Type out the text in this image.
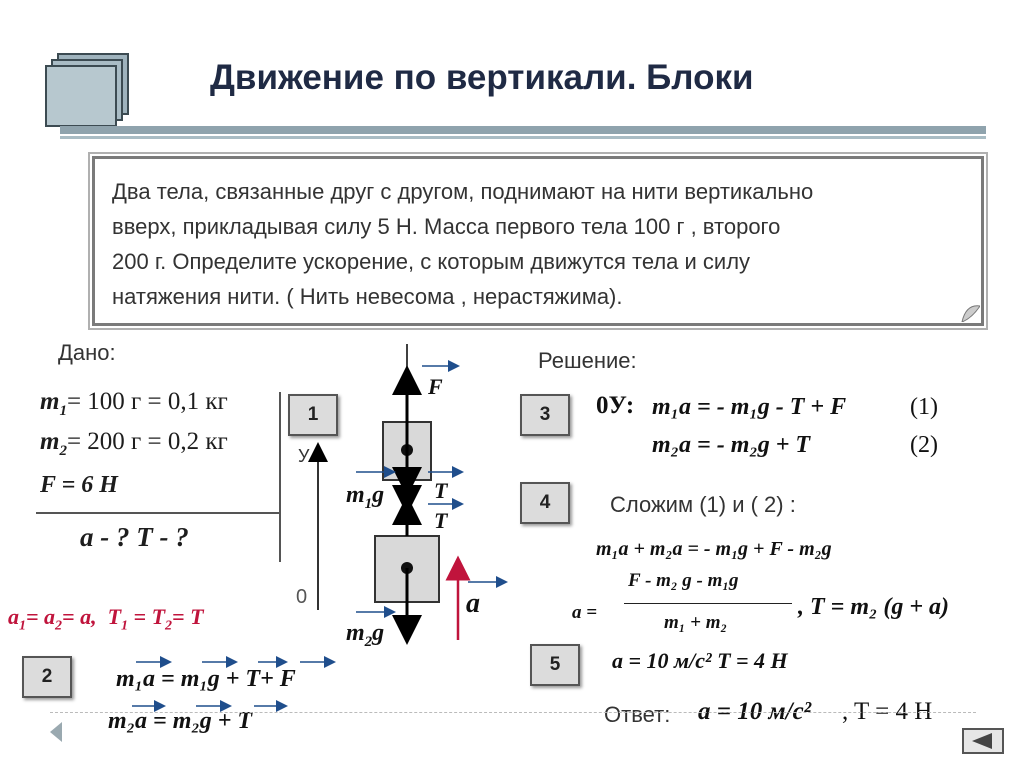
Движение по вертикали. Блоки
Два тела, связанные друг с другом, поднимают на нити вертикально
вверх, прикладывая силу 5 Н. Масса первого тела 100 г , второго
200 г. Определите ускорение, с которым движутся тела и силу
натяжения нити. ( Нить невесома , нерастяжима).
Дано:
$m_1= 100$ г = 0,1 кг
$m_2= 200$ г = 0,2 кг
F = 6 Н
a - ? T - ?
$a_1= a_2= a$, $T_1 = T_2= T$
1
2
3
4
5
У
0
F
T
T
$m_1g$
$m_2g$
a
m₁a = m₁g + T+ F
m₂a = m₂g + T
Решение:
0У: m₁a = - m₁g - T + F	(1)
m₂a = - m₂g + T	(2)
Сложим (1) и ( 2) :
m₁a + m₂a = - m₁g + F - m₂g
F - m₂ g - m₁g
a =	m₁ + m₂
, T = m₂ (g + a)
a = 10 м/с² T = 4 Н
Ответ: a = 10 м/с² , T = 4 Н
